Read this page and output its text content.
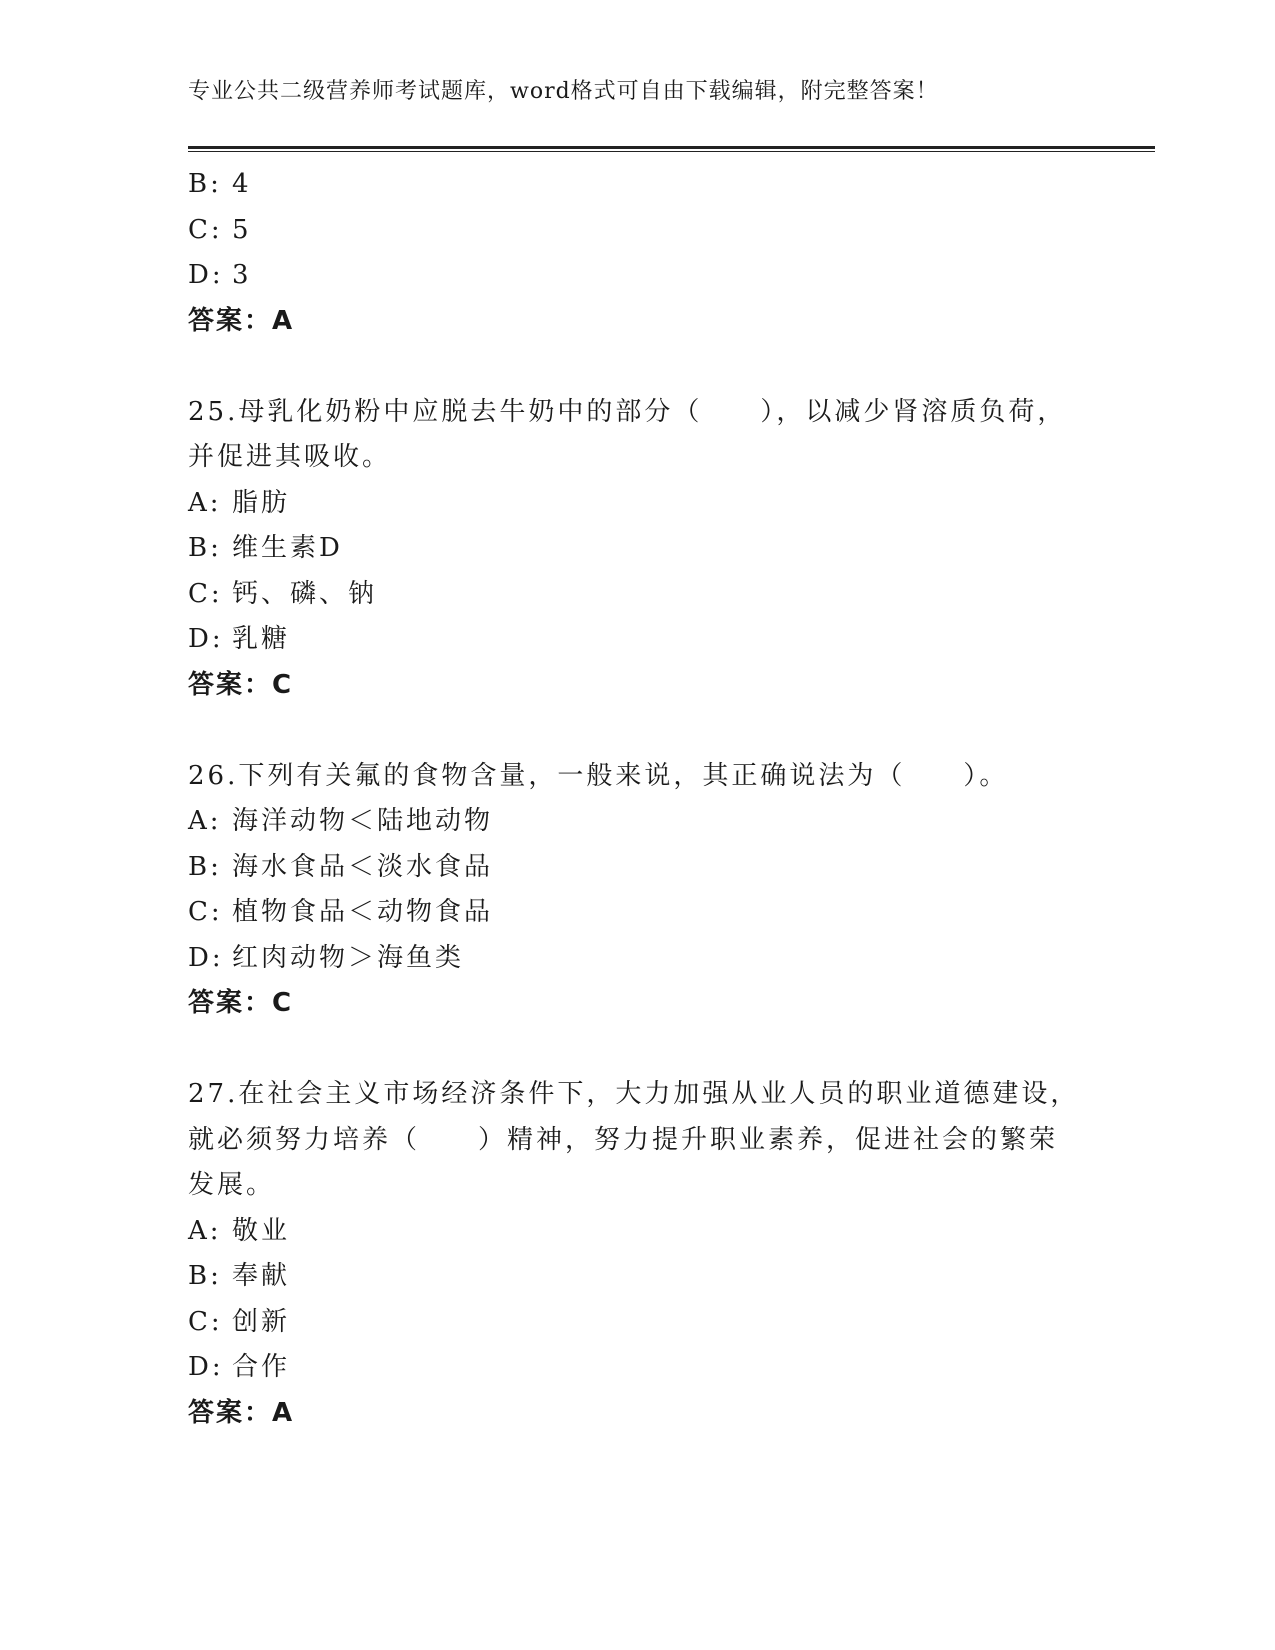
专业公共二级营养师考试题库，word格式可自由下载编辑，附完整答案！
B: 4
C: 5
D: 3
答案：A
25.母乳化奶粉中应脱去牛奶中的部分（　　），以减少肾溶质负荷，
并促进其吸收。
A: 脂肪
B: 维生素D
C: 钙、磷、钠
D: 乳糖
答案：C
26.下列有关氟的食物含量，一般来说，其正确说法为（　　）。
A: 海洋动物＜陆地动物
B: 海水食品＜淡水食品
C: 植物食品＜动物食品
D: 红肉动物＞海鱼类
答案：C
27.在社会主义市场经济条件下，大力加强从业人员的职业道德建设，
就必须努力培养（　　）精神，努力提升职业素养，促进社会的繁荣
发展。
A: 敬业
B: 奉献
C: 创新
D: 合作
答案：A
